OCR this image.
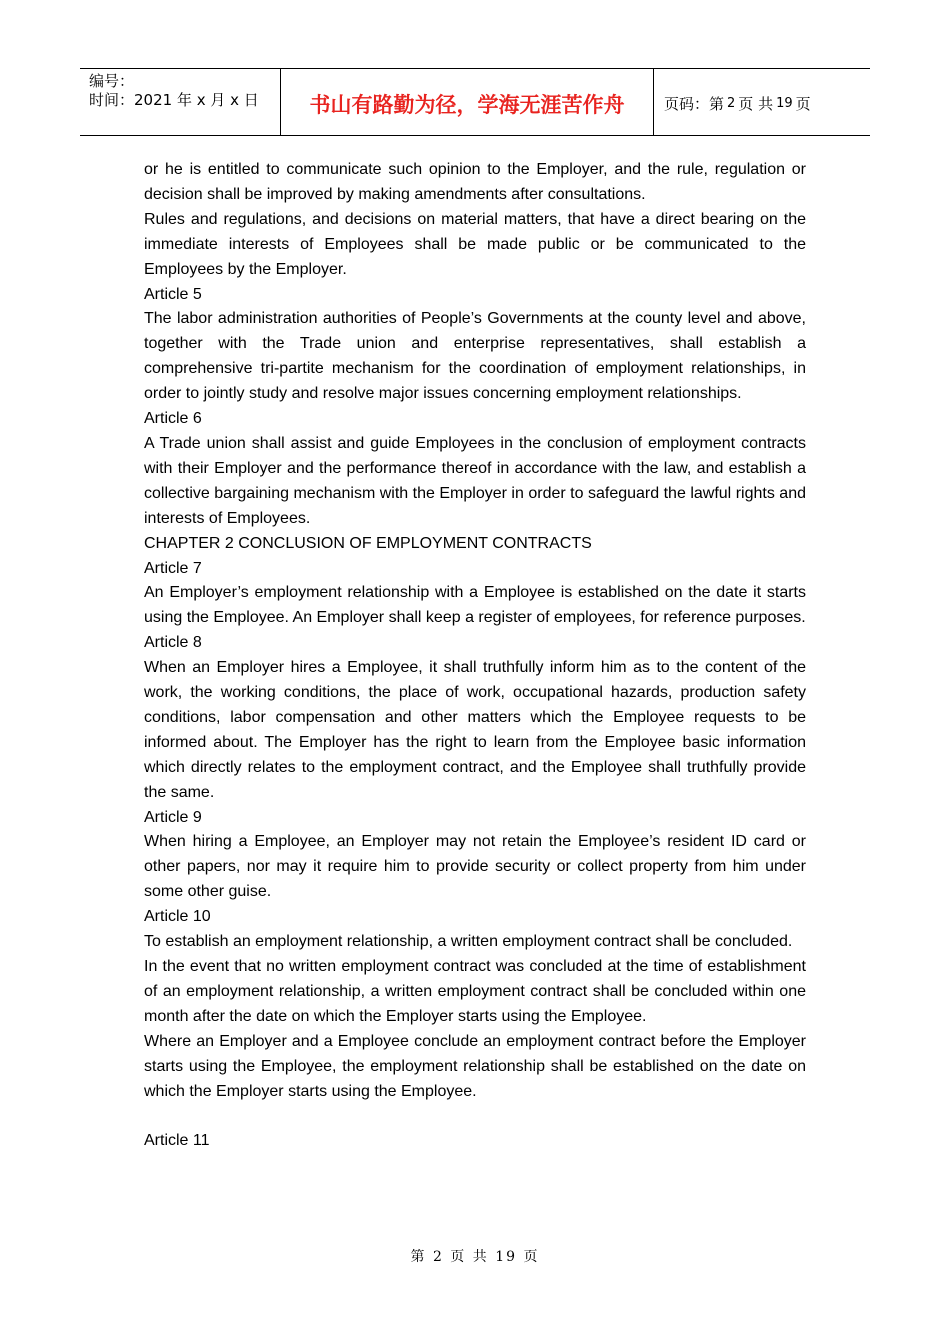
编号：
时间：2021 年 x 月 x 日	书山有路勤为径，学海无涯苦作舟	页码：第 2 页 共 19 页

or he is entitled to communicate such opinion to the Employer, and the rule, regulation or decision shall be improved by making amendments after consultations.

Rules and regulations, and decisions on material matters, that have a direct bearing on the immediate interests of Employees shall be made public or be communicated to the Employees by the Employer.

Article 5

The labor administration authorities of People’s Governments at the county level and above, together with the Trade union and enterprise representatives, shall establish a comprehensive tri-partite mechanism for the coordination of employment relationships, in order to jointly study and resolve major issues concerning employment relationships.

Article 6

A Trade union shall assist and guide Employees in the conclusion of employment contracts with their Employer and the performance thereof in accordance with the law, and establish a collective bargaining mechanism with the Employer in order to safeguard the lawful rights and interests of Employees.

CHAPTER 2 CONCLUSION OF EMPLOYMENT CONTRACTS

Article 7

An Employer’s employment relationship with a Employee is established on the date it starts using the Employee. An Employer shall keep a register of employees, for reference purposes.

Article 8

When an Employer hires a Employee, it shall truthfully inform him as to the content of the work, the working conditions, the place of work, occupational hazards, production safety conditions, labor compensation and other matters which the Employee requests to be informed about. The Employer has the right to learn from the Employee basic information which directly relates to the employment contract, and the Employee shall truthfully provide the same.

Article 9

When hiring a Employee, an Employer may not retain the Employee’s resident ID card or other papers, nor may it require him to provide security or collect property from him under some other guise.

Article 10

To establish an employment relationship, a written employment contract shall be concluded.

In the event that no written employment contract was concluded at the time of establishment of an employment relationship, a written employment contract shall be concluded within one month after the date on which the Employer starts using the Employee.

Where an Employer and a Employee conclude an employment contract before the Employer starts using the Employee, the employment relationship shall be established on the date on which the Employer starts using the Employee.

Article 11

第 2 页 共 19 页
